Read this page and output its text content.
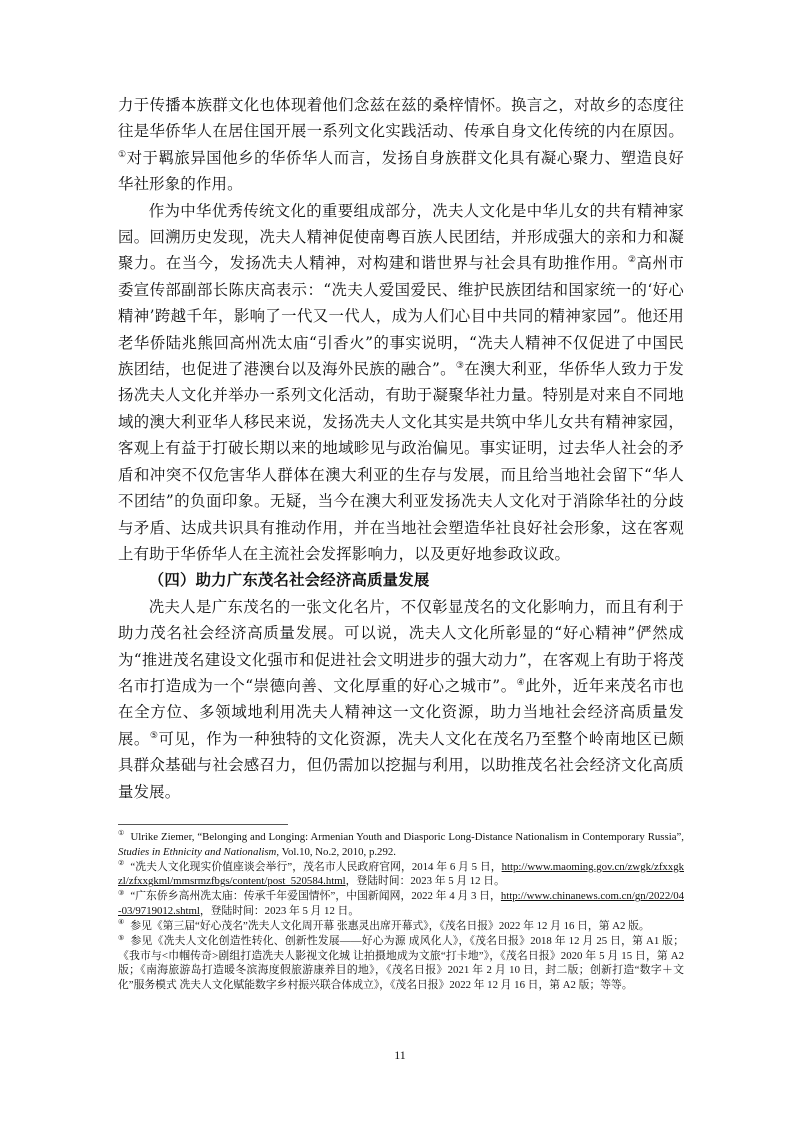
力于传播本族群文化也体现着他们念兹在兹的桑梓情怀。换言之，对故乡的态度往往是华侨华人在居住国开展一系列文化实践活动、传承自身文化传统的内在原因。①对于羁旅异国他乡的华侨华人而言，发扬自身族群文化具有凝心聚力、塑造良好华社形象的作用。

作为中华优秀传统文化的重要组成部分，冼夫人文化是中华儿女的共有精神家园。回溯历史发现，冼夫人精神促使南粤百族人民团结，并形成强大的亲和力和凝聚力。在当今，发扬冼夫人精神，对构建和谐世界与社会具有助推作用。②高州市委宣传部副部长陈庆高表示：“冼夫人爱国爱民、维护民族团结和国家统一的‘好心精神’跨越千年，影响了一代又一代人，成为人们心目中共同的精神家园”。他还用老华侨陆兆熊回高州冼太庙“引香火”的事实说明，“冼夫人精神不仅促进了中国民族团结，也促进了港澳台以及海外民族的融合”。③在澳大利亚，华侨华人致力于发扬冼夫人文化并举办一系列文化活动，有助于凝聚华社力量。特别是对来自不同地域的澳大利亚华人移民来说，发扬冼夫人文化其实是共筑中华儿女共有精神家园，客观上有益于打破长期以来的地域畛见与政治偏见。事实证明，过去华人社会的矛盾和冲突不仅危害华人群体在澳大利亚的生存与发展，而且给当地社会留下“华人不团结”的负面印象。无疑，当今在澳大利亚发扬冼夫人文化对于消除华社的分歧与矛盾、达成共识具有推动作用，并在当地社会塑造华社良好社会形象，这在客观上有助于华侨华人在主流社会发挥影响力，以及更好地参政议政。

（四）助力广东茂名社会经济高质量发展

冼夫人是广东茂名的一张文化名片，不仅彰显茂名的文化影响力，而且有利于助力茂名社会经济高质量发展。可以说，冼夫人文化所彰显的“好心精神”俨然成为“推进茂名建设文化强市和促进社会文明进步的强大动力”，在客观上有助于将茂名市打造成为一个“崇德向善、文化厚重的好心之城市”。④此外，近年来茂名市也在全方位、多领域地利用冼夫人精神这一文化资源，助力当地社会经济高质量发展。⑤可见，作为一种独特的文化资源，冼夫人文化在茂名乃至整个岭南地区已颇具群众基础与社会感召力，但仍需加以挖掘与利用，以助推茂名社会经济文化高质量发展。

① Ulrike Ziemer, “Belonging and Longing: Armenian Youth and Diasporic Long-Distance Nationalism in Contemporary Russia”, Studies in Ethnicity and Nationalism, Vol.10, No.2, 2010, p.292.

② “冼夫人文化现实价值座谈会举行”，茂名市人民政府官网，2014 年 6 月 5 日，http://www.maoming.gov.cn/zwgk/zfxxgkzl/zfxxgkml/mmsrmzfbgs/content/post_520584.html，登陆时间：2023 年 5 月 12 日。

③ “广东侨乡高州冼太庙：传承千年爱国情怀”，中国新闻网，2022 年 4 月 3 日，http://www.chinanews.com.cn/gn/2022/04-03/9719012.shtml，登陆时间：2023 年 5 月 12 日。

④ 参见《第三届“好心茂名”冼夫人文化周开幕 张惠灵出席开幕式》，《茂名日报》2022 年 12 月 16 日，第 A2 版。

⑤ 参见《冼夫人文化创造性转化、创新性发展——好心为源 成风化人》，《茂名日报》2018 年 12 月 25 日，第 A1 版；《我市与<巾帼传奇>剧组打造冼夫人影视文化城 让拍摄地成为文旅“打卡地”》，《茂名日报》2020 年 5 月 15 日，第 A2 版；《南海旅游岛打造暖冬滨海度假旅游康养目的地》，《茂名日报》2021 年 2 月 10 日，封二版；创新打造“数字＋文化”服务模式 冼夫人文化赋能数字乡村振兴联合体成立》，《茂名日报》2022 年 12 月 16 日，第 A2 版；等等。

11
